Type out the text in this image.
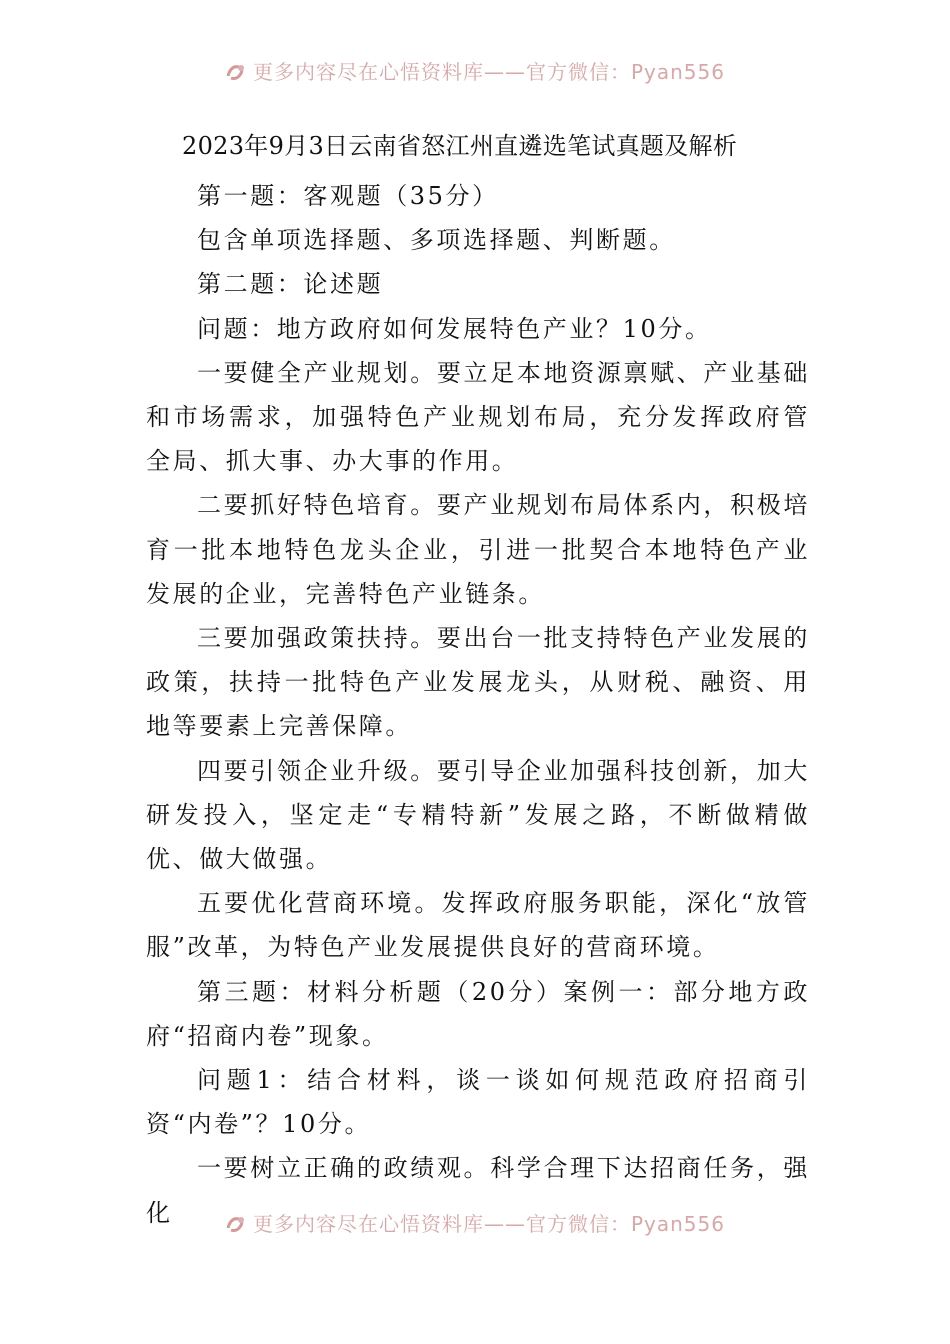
更多内容尽在心悟资料库——官方微信：Pyan556
2023年9月3日云南省怒江州直遴选笔试真题及解析

第一题：客观题（35分）

包含单项选择题、多项选择题、判断题。

第二题：论述题

问题：地方政府如何发展特色产业？10分。

一要健全产业规划。要立足本地资源禀赋、产业基础和市场需求，加强特色产业规划布局，充分发挥政府管全局、抓大事、办大事的作用。

二要抓好特色培育。要产业规划布局体系内，积极培育一批本地特色龙头企业，引进一批契合本地特色产业发展的企业，完善特色产业链条。

三要加强政策扶持。要出台一批支持特色产业发展的政策，扶持一批特色产业发展龙头，从财税、融资、用地等要素上完善保障。

四要引领企业升级。要引导企业加强科技创新，加大研发投入，坚定走“专精特新”发展之路，不断做精做优、做大做强。

五要优化营商环境。发挥政府服务职能，深化“放管服”改革，为特色产业发展提供良好的营商环境。

第三题：材料分析题（20分）案例一：部分地方政府“招商内卷”现象。

问题1：结合材料，谈一谈如何规范政府招商引资“内卷”？10分。

一要树立正确的政绩观。科学合理下达招商任务，强化	更多内容尽在心悟资料库——官方微信：Pyan556
